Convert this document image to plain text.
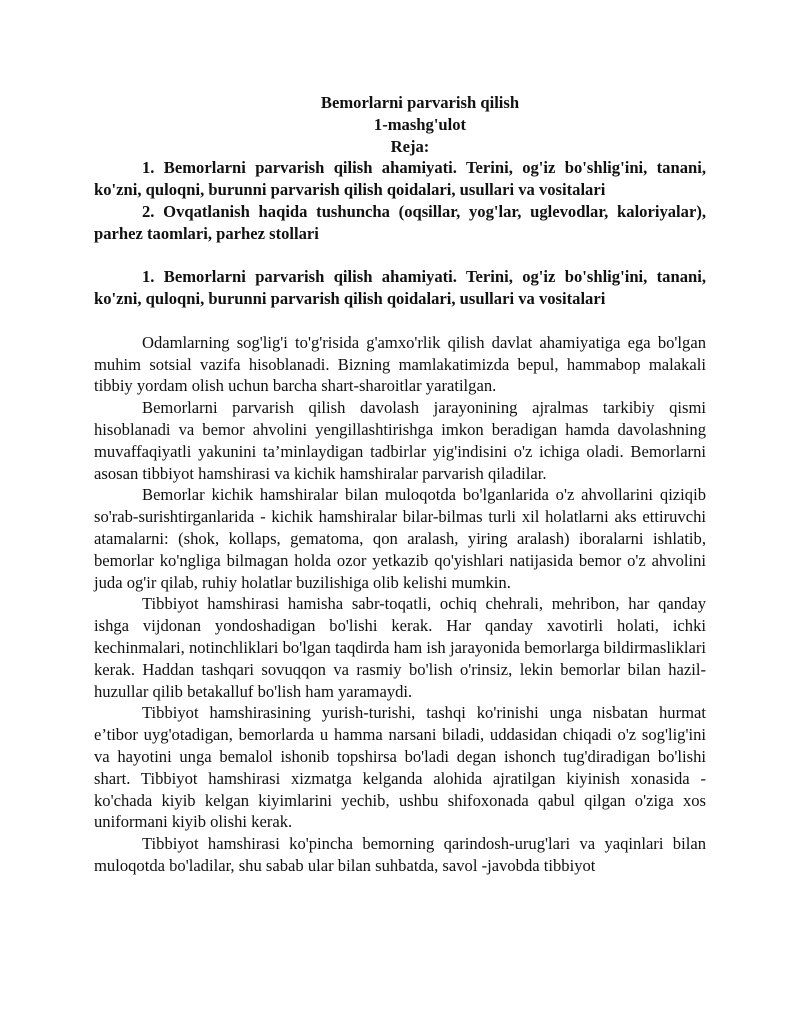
Bemorlarni parvarish qilish

1-mashg'ulot

Reja:

1. Bemorlarni parvarish qilish ahamiyati. Terini, og'iz bo'shlig'ini, tanani, ko'zni, quloqni, burunni parvarish qilish qoidalari, usullari va vositalari

2. Ovqatlanish haqida tushuncha (oqsillar, yog'lar, uglevodlar, kaloriyalar), parhez taomlari, parhez stollari

1. Bemorlarni parvarish qilish ahamiyati. Terini, og'iz bo'shlig'ini, tanani, ko'zni, quloqni, burunni parvarish qilish qoidalari, usullari va vositalari

Odamlarning sog'lig'i to'g'risida g'amxo'rlik qilish davlat ahamiyatiga ega bo'lgan muhim sotsial vazifa hisoblanadi. Bizning mamlakatimizda bepul, hammabop malakali tibbiy yordam olish uchun barcha shart-sharoitlar yaratilgan.

Bemorlarni parvarish qilish davolash jarayonining ajralmas tarkibiy qismi hisoblanadi va bemor ahvolini yengillashtirishga imkon beradigan hamda davolashning muvaffaqiyatli yakunini ta’minlaydigan tadbirlar yig'indisini o'z ichiga oladi. Bemorlarni asosan tibbiyot hamshirasi va kichik hamshiralar parvarish qiladilar.

Bemorlar kichik hamshiralar bilan muloqotda bo'lganlarida o'z ahvollarini qiziqib so'rab-surishtirganlarida - kichik hamshiralar bilar-bilmas turli xil holatlarni aks ettiruvchi atamalarni: (shok, kollaps, gematoma, qon aralash, yiring aralash) iboralarni ishlatib, bemorlar ko'ngliga bilmagan holda ozor yetkazib qo'yishlari natijasida bemor o'z ahvolini juda og'ir qilab, ruhiy holatlar buzilishiga olib kelishi mumkin.

Tibbiyot hamshirasi hamisha sabr-toqatli, ochiq chehrali, mehribon, har qanday ishga vijdonan yondoshadigan bo'lishi kerak. Har qanday xavotirli holati, ichki kechinmalari, notinchliklari bo'lgan taqdirda ham ish jarayonida bemorlarga bildirmasliklari kerak. Haddan tashqari sovuqqon va rasmiy bo'lish o'rinsiz, lekin bemorlar bilan hazil-huzullar qilib betakalluf bo'lish ham yaramaydi.

Tibbiyot hamshirasining yurish-turishi, tashqi ko'rinishi unga nisbatan hurmat e’tibor uyg'otadigan, bemorlarda u hamma narsani biladi, uddasidan chiqadi o'z sog'lig'ini va hayotini unga bemalol ishonib topshirsa bo'ladi degan ishonch tug'diradigan bo'lishi shart. Tibbiyot hamshirasi xizmatga kelganda alohida ajratilgan kiyinish xonasida - ko'chada kiyib kelgan kiyimlarini yechib, ushbu shifoxonada qabul qilgan o'ziga xos uniformani kiyib olishi kerak.

Tibbiyot hamshirasi ko'pincha bemorning qarindosh-urug'lari va yaqinlari bilan muloqotda bo'ladilar, shu sabab ular bilan suhbatda, savol -javobda tibbiyot
